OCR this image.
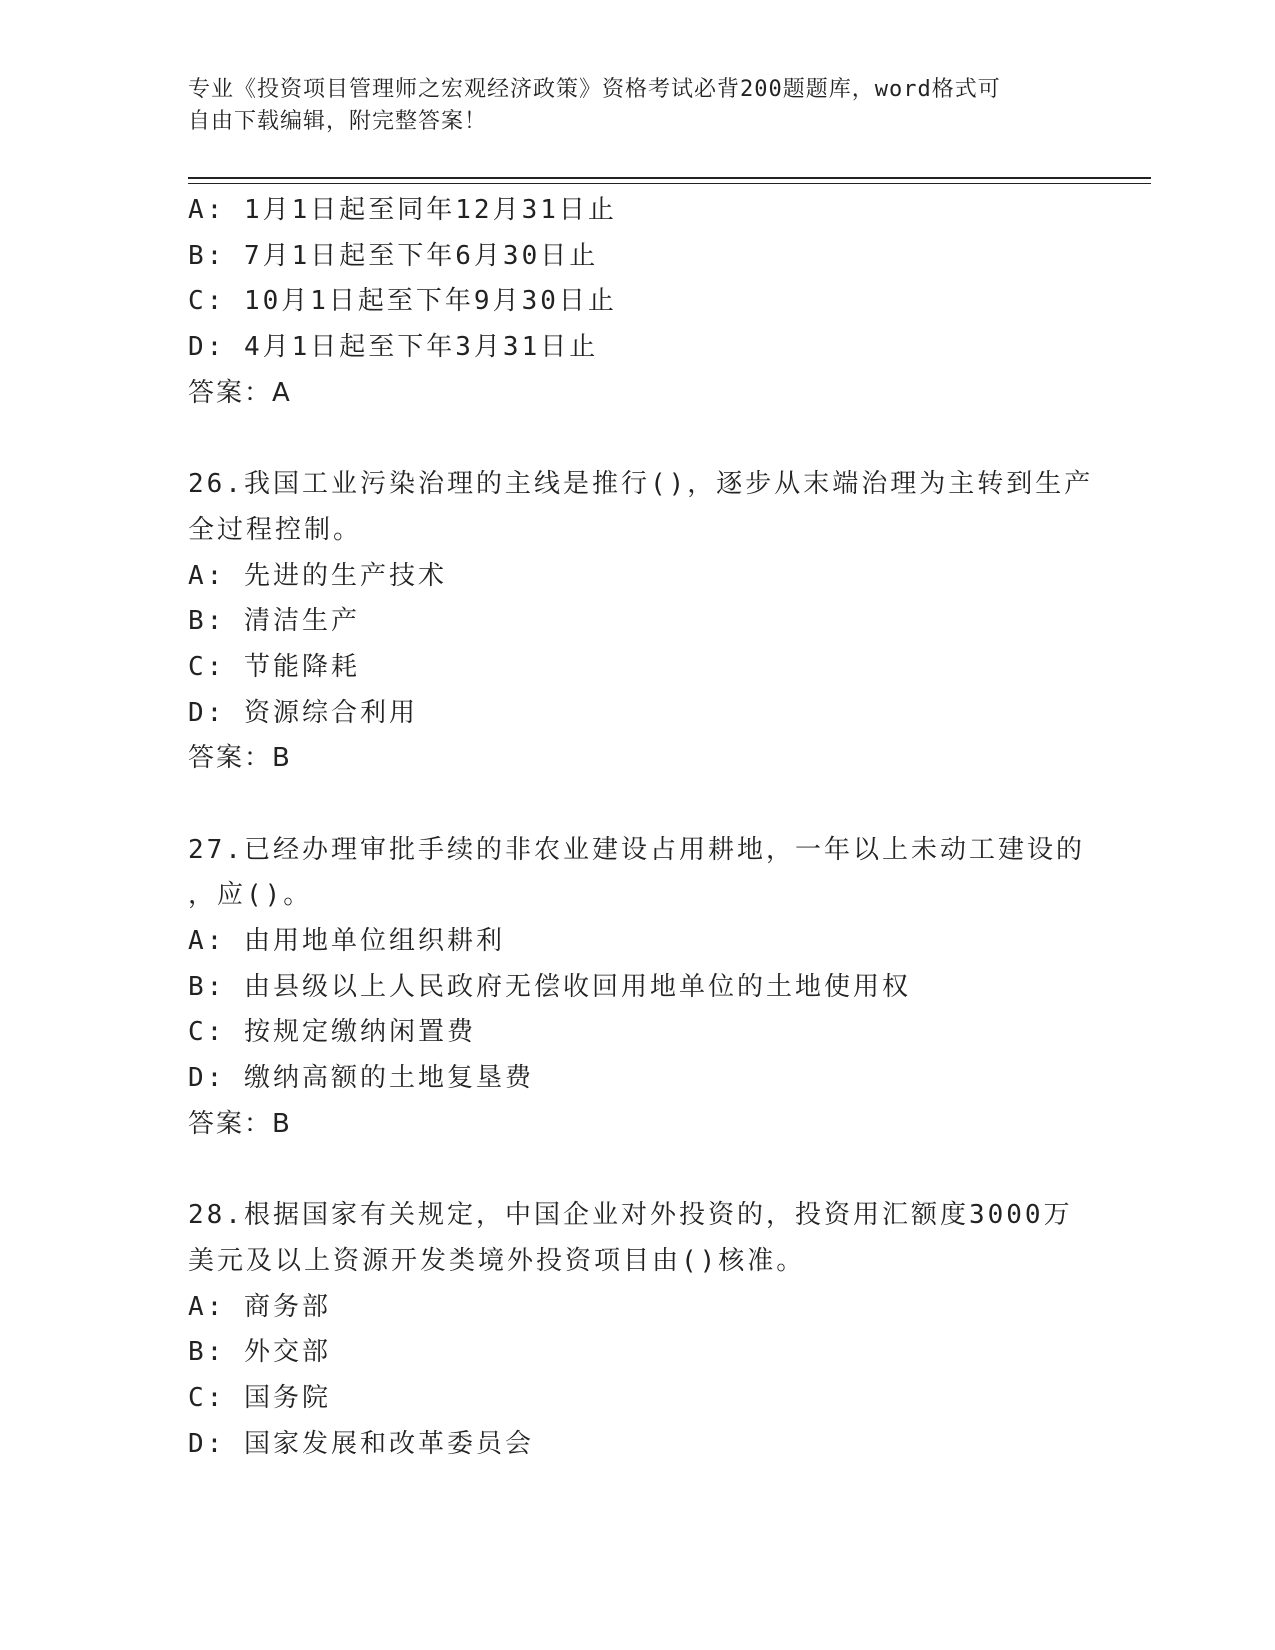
专业《投资项目管理师之宏观经济政策》资格考试必背200题题库，word格式可
自由下载编辑，附完整答案！
A: 1月1日起至同年12月31日止
B: 7月1日起至下年6月30日止
C: 10月1日起至下年9月30日止
D: 4月1日起至下年3月31日止
答案：A
26.我国工业污染治理的主线是推行()，逐步从末端治理为主转到生产
全过程控制。
A: 先进的生产技术
B: 清洁生产
C: 节能降耗
D: 资源综合利用
答案：B
27.已经办理审批手续的非农业建设占用耕地，一年以上未动工建设的
，应()。
A: 由用地单位组织耕利
B: 由县级以上人民政府无偿收回用地单位的土地使用权
C: 按规定缴纳闲置费
D: 缴纳高额的土地复垦费
答案：B
28.根据国家有关规定，中国企业对外投资的，投资用汇额度3000万
美元及以上资源开发类境外投资项目由()核准。
A: 商务部
B: 外交部
C: 国务院
D: 国家发展和改革委员会
